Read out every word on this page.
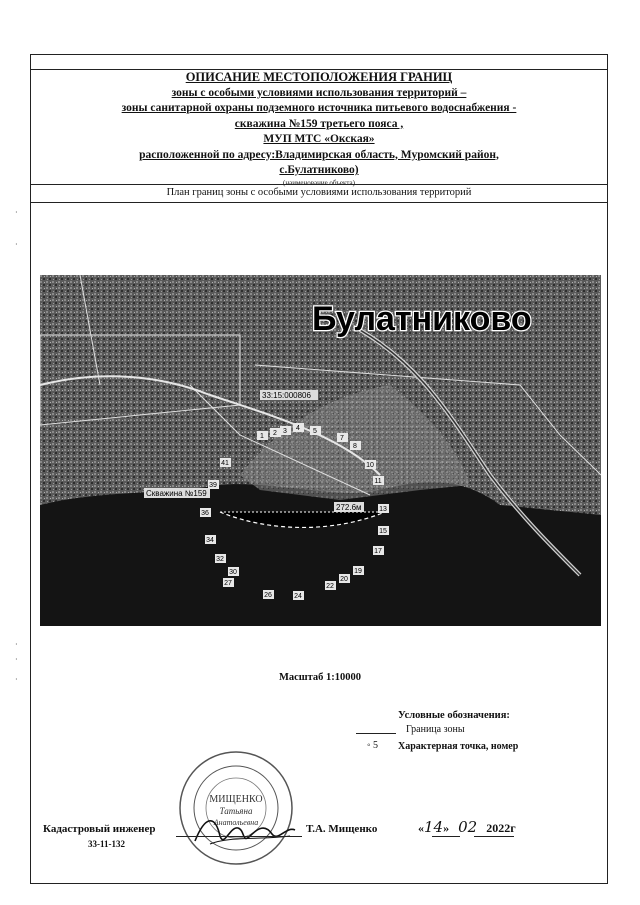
ОПИСАНИЕ МЕСТОПОЛОЖЕНИЯ ГРАНИЦ
зоны с особыми условиями использования территорий –
зоны санитарной охраны подземного источника питьевого водоснабжения -
скважина №159 третьего пояса ,
МУП МТС «Окская»
расположенной по адресу:Владимирская область, Муромский район,
с.Булатниково)
(наименование объекта)
План границ зоны с особыми условиями использования территорий
Булатниково
33:15:000806
Скважина №159
272.6м
1 2 3 4 5
7
8
10
11
13
15
17
19
20
22
24
26
27
30
32
34
36
39
41
Масштаб 1:10000
Условные обозначения:
Граница зоны
◦ 5 Характерная точка, номер
МИЩЕНКО
Татьяна
Анатольевна
Кадастровый инженер
33-11-132
Т.А. Мищенко	«14» 02 2022г
·
·
·
·
·
